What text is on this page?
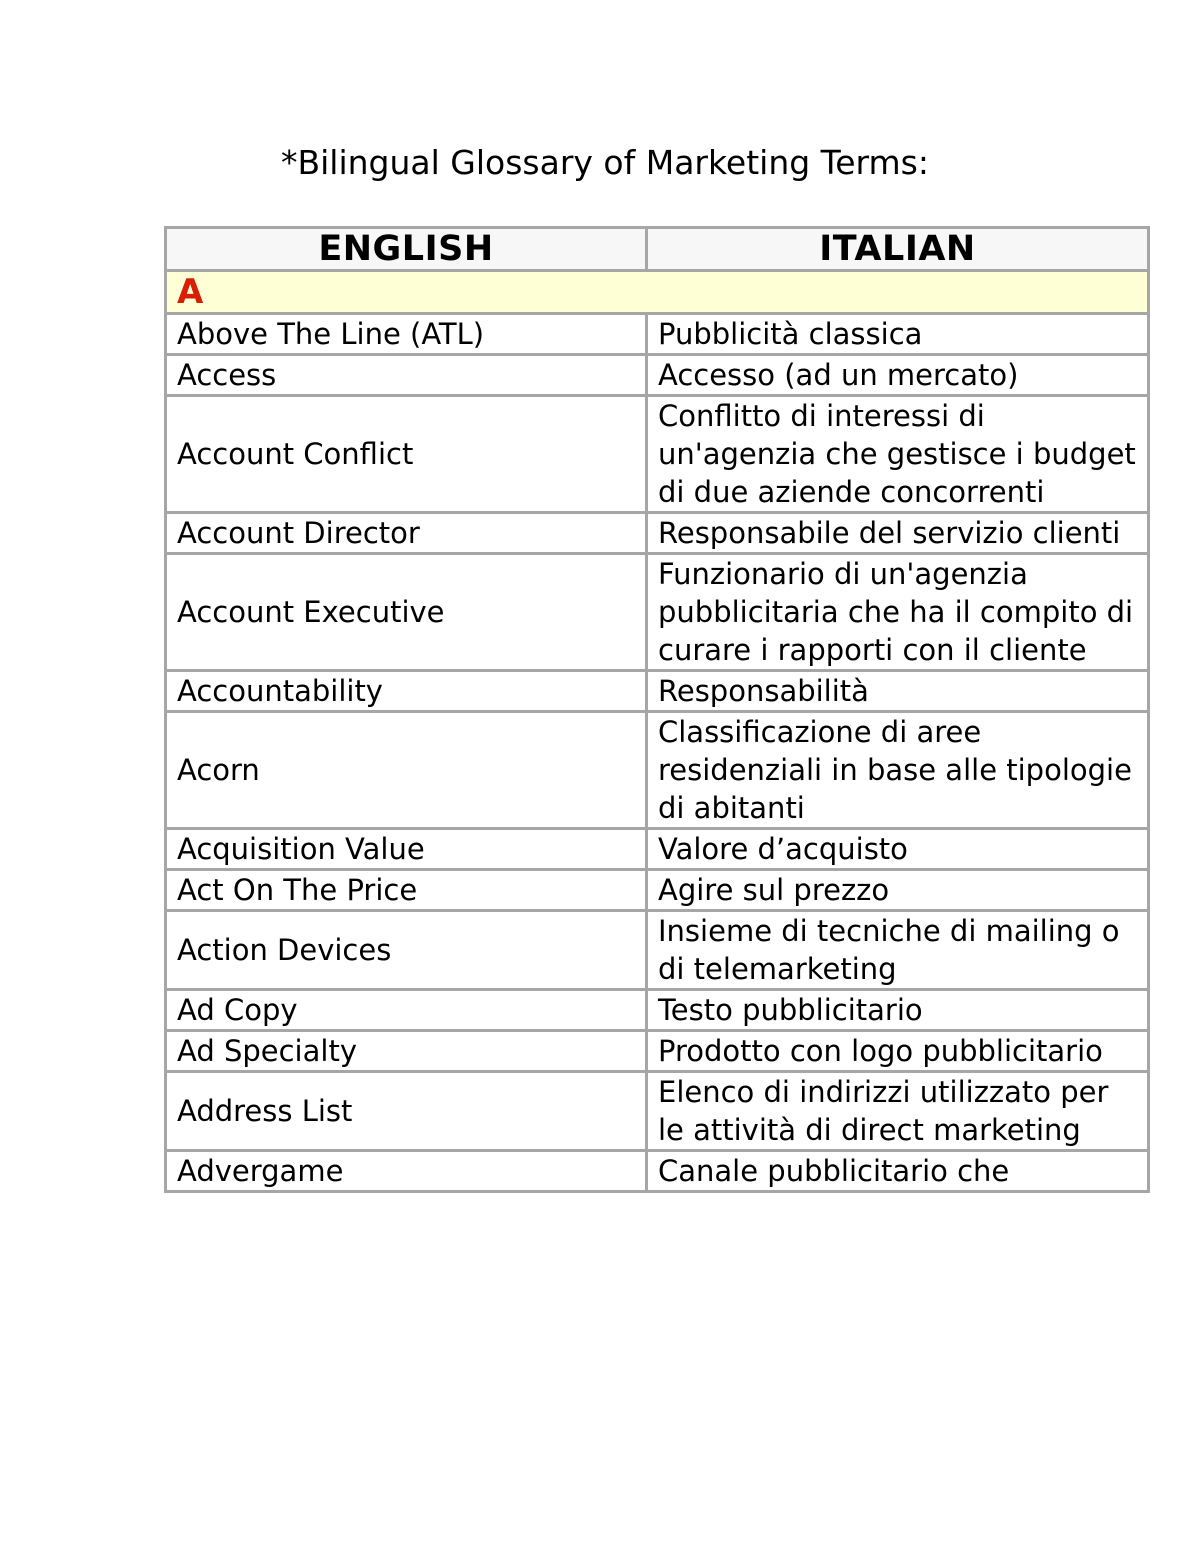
*Bilingual Glossary of Marketing Terms:
ENGLISH	ITALIAN
A	
Above The Line (ATL)	Pubblicità classica
Access	Accesso (ad un mercato)
Account Conflict	Conflitto di interessi di un'agenzia che gestisce i budget di due aziende concorrenti
Account Director	Responsabile del servizio clienti
Account Executive	Funzionario di un'agenzia pubblicitaria che ha il compito di curare i rapporti con il cliente
Accountability	Responsabilità
Acorn	Classificazione di aree residenziali in base alle tipologie di abitanti
Acquisition Value	Valore d’acquisto
Act On The Price	Agire sul prezzo
Action Devices	Insieme di tecniche di mailing o di telemarketing
Ad Copy	Testo pubblicitario
Ad Specialty	Prodotto con logo pubblicitario
Address List	Elenco di indirizzi utilizzato per le attività di direct marketing
Advergame	Canale pubblicitario che
